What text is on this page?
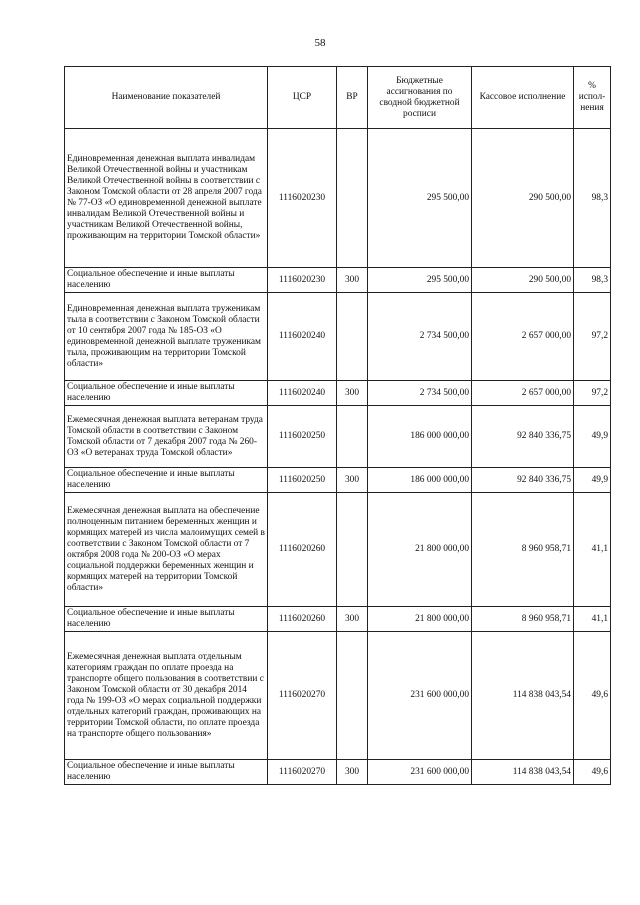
58
Наименование показателей	ЦСР	ВР	Бюджетные ассигнования по сводной бюджетной росписи	Кассовое исполнение	% испол-нения
Единовременная денежная выплата инвалидам Великой Отечественной войны и участникам Великой Отечественной войны в соответствии с Законом Томской области от 28 апреля 2007 года № 77-ОЗ «О единовременной денежной выплате инвалидам Великой Отечественной войны и участникам Великой Отечественной войны, проживающим на территории Томской области»	1116020230		295 500,00	290 500,00	98,3
Социальное обеспечение и иные выплаты населению	1116020230	300	295 500,00	290 500,00	98,3
Единовременная денежная выплата труженикам тыла в соответствии с Законом Томской области от 10 сентября 2007 года № 185-ОЗ «О единовременной денежной выплате труженикам тыла, проживающим на территории Томской области»	1116020240		2 734 500,00	2 657 000,00	97,2
Социальное обеспечение и иные выплаты населению	1116020240	300	2 734 500,00	2 657 000,00	97,2
Ежемесячная денежная выплата ветеранам труда Томской области в соответствии с Законом Томской области от 7 декабря 2007 года № 260-ОЗ «О ветеранах труда Томской области»	1116020250		186 000 000,00	92 840 336,75	49,9
Социальное обеспечение и иные выплаты населению	1116020250	300	186 000 000,00	92 840 336,75	49,9
Ежемесячная денежная выплата на обеспечение полноценным питанием беременных женщин и кормящих матерей из числа малоимущих семей в соответствии с Законом Томской области от 7 октября 2008 года № 200-ОЗ «О мерах социальной поддержки беременных женщин и кормящих матерей на территории Томской области»	1116020260		21 800 000,00	8 960 958,71	41,1
Социальное обеспечение и иные выплаты населению	1116020260	300	21 800 000,00	8 960 958,71	41,1
Ежемесячная денежная выплата отдельным категориям граждан по оплате проезда на транспорте общего пользования в соответствии с Законом Томской области от 30 декабря 2014 года № 199-ОЗ «О мерах социальной поддержки отдельных категорий граждан, проживающих на территории Томской области, по оплате проезда на транспорте общего пользования»	1116020270		231 600 000,00	114 838 043,54	49,6
Социальное обеспечение и иные выплаты населению	1116020270	300	231 600 000,00	114 838 043,54	49,6
